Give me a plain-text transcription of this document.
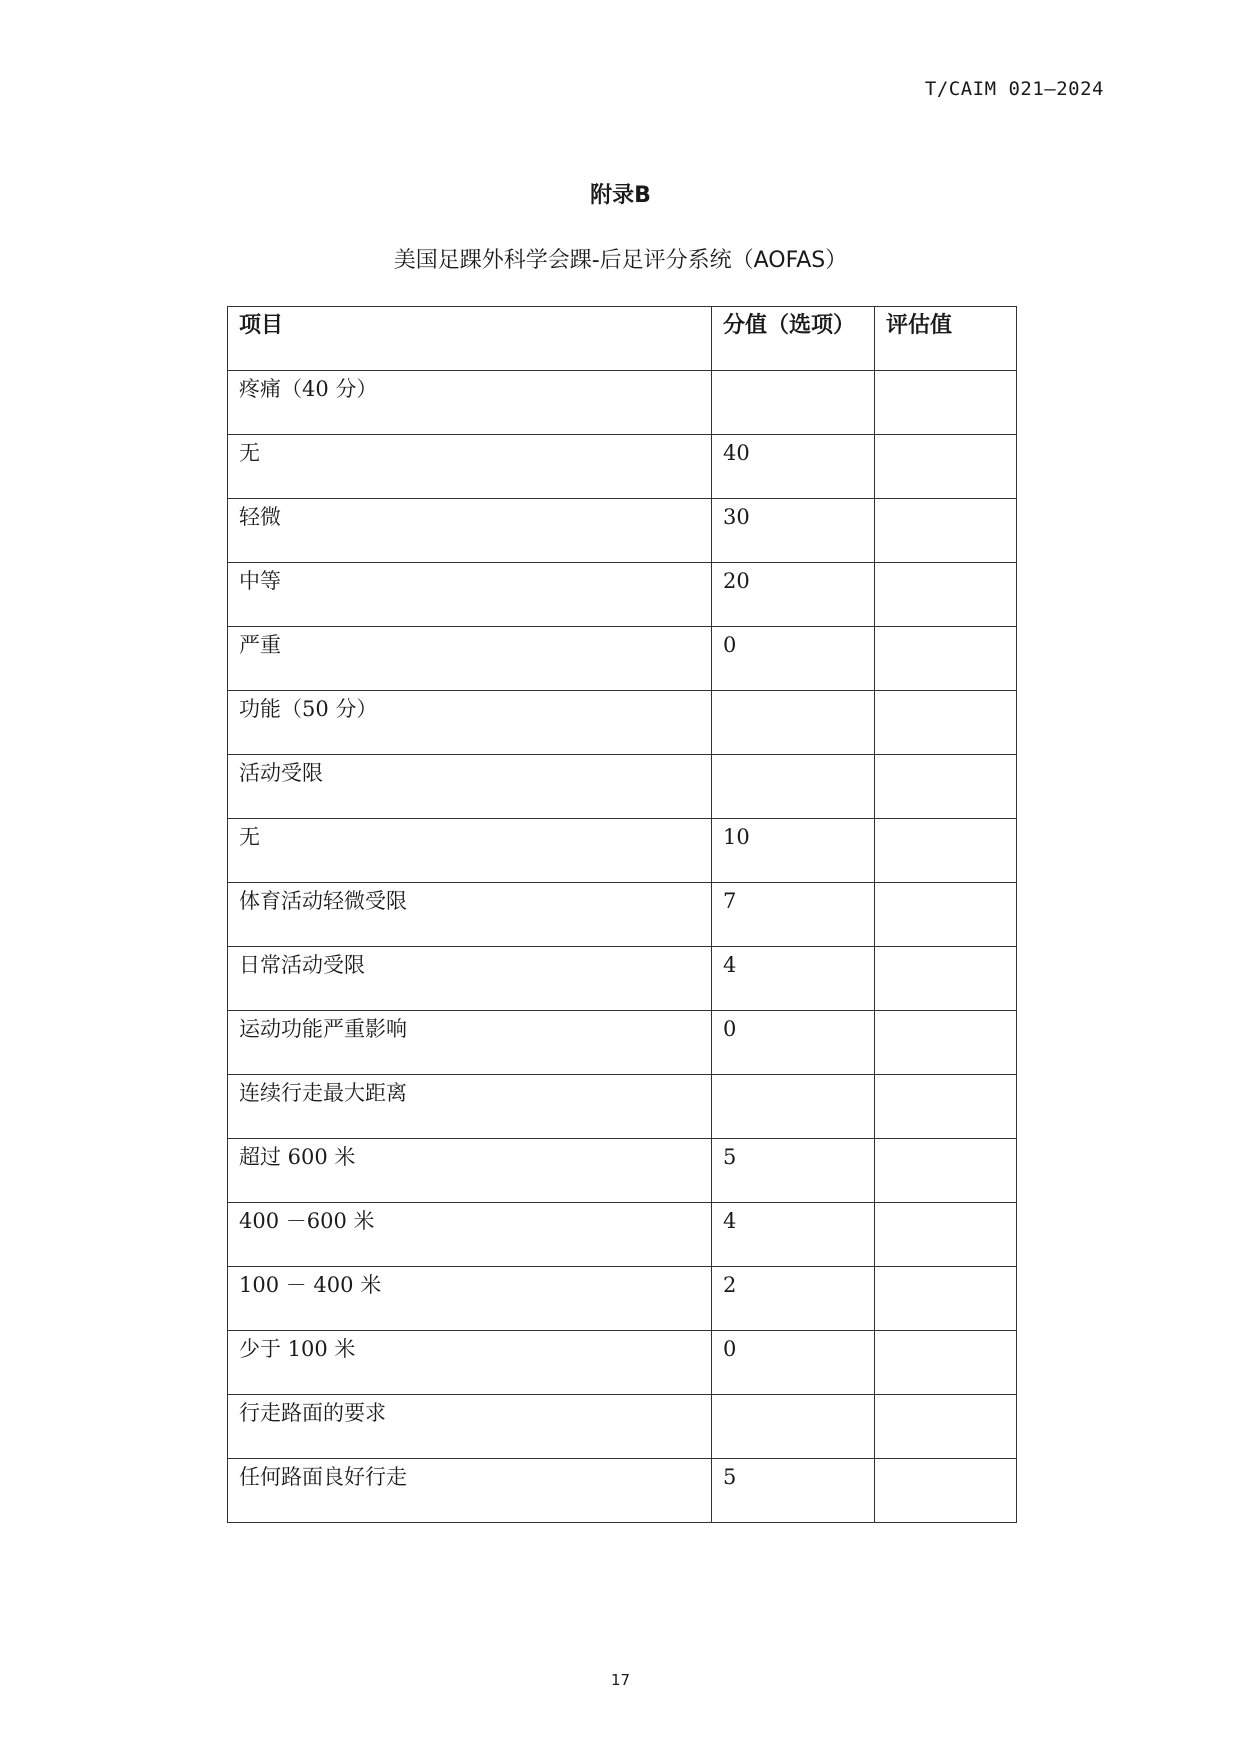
T/CAIM 021—2024
附录B
美国足踝外科学会踝-后足评分系统（AOFAS）
项目	分值（选项）	评估值

疼痛（40 分）		

无	40	

轻微	30	

中等	20	

严重	0	

功能（50 分）		

活动受限		

无	10	

体育活动轻微受限	7	

日常活动受限	4	

运动功能严重影响	0	

连续行走最大距离		

超过 600 米	5	

400 －600 米	4	

100 － 400 米	2	

少于 100 米	0	

行走路面的要求		

任何路面良好行走	5	

17
